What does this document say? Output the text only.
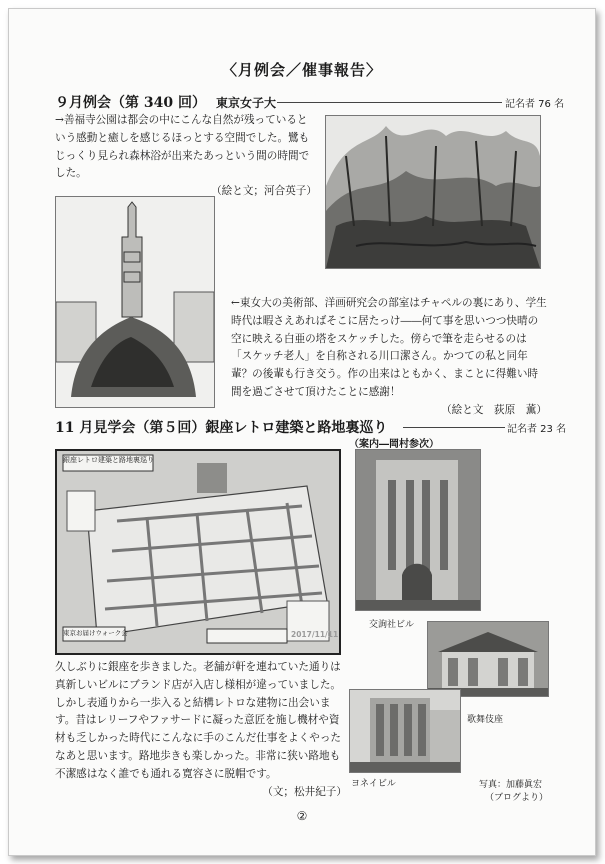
〈月例会／催事報告〉
９月例会（第 340 回） 東京女子大	記名者 76 名

→善福寺公園は都会の中にこんな自然が残っているという感動と癒しを感じるほっとする空間でした。鷺もじっくり見られ森林浴が出来たあっという間の時間でした。

（絵と文；河合英子）

←東女大の美術部、洋画研究会の部室はチャペルの裏にあり、学生時代は暇さえあればそこに居たっけ――何て事を思いつつ快晴の空に映える白亜の塔をスケッチした。傍らで筆を走らせるのは「スケッチ老人」を自称される川口潔さん。かつての私と同年輩？の後輩も行き交う。作の出来はともかく、まことに得難い時間を過ごさせて頂けたことに感謝！

（絵と文　荻原　薫）

11 月見学会（第５回）銀座レトロ建築と路地裏巡り	記名者 23 名
（案内―岡村参次）
銀座レトロ建築と路地裏巡り
東京お届けウォーク会	2017/11/11
交詢社ビル
歌舞伎座
ヨネイビル	写真：加藤眞宏
（ブログより）

久しぶりに銀座を歩きました。老舗が軒を連ねていた通りは真新しいビルにブランド店が入店し様相が違っていました。しかし表通りから一歩入ると結構レトロな建物に出会います。昔はレリーフやファサードに凝った意匠を施し機材や資材も乏しかった時代にこんなに手のこんだ仕事をよくやったなあと思います。路地歩きも楽しかった。非常に狭い路地も不潔感はなく誰でも通れる寛容さに脱帽です。

（文；松井紀子）

②
